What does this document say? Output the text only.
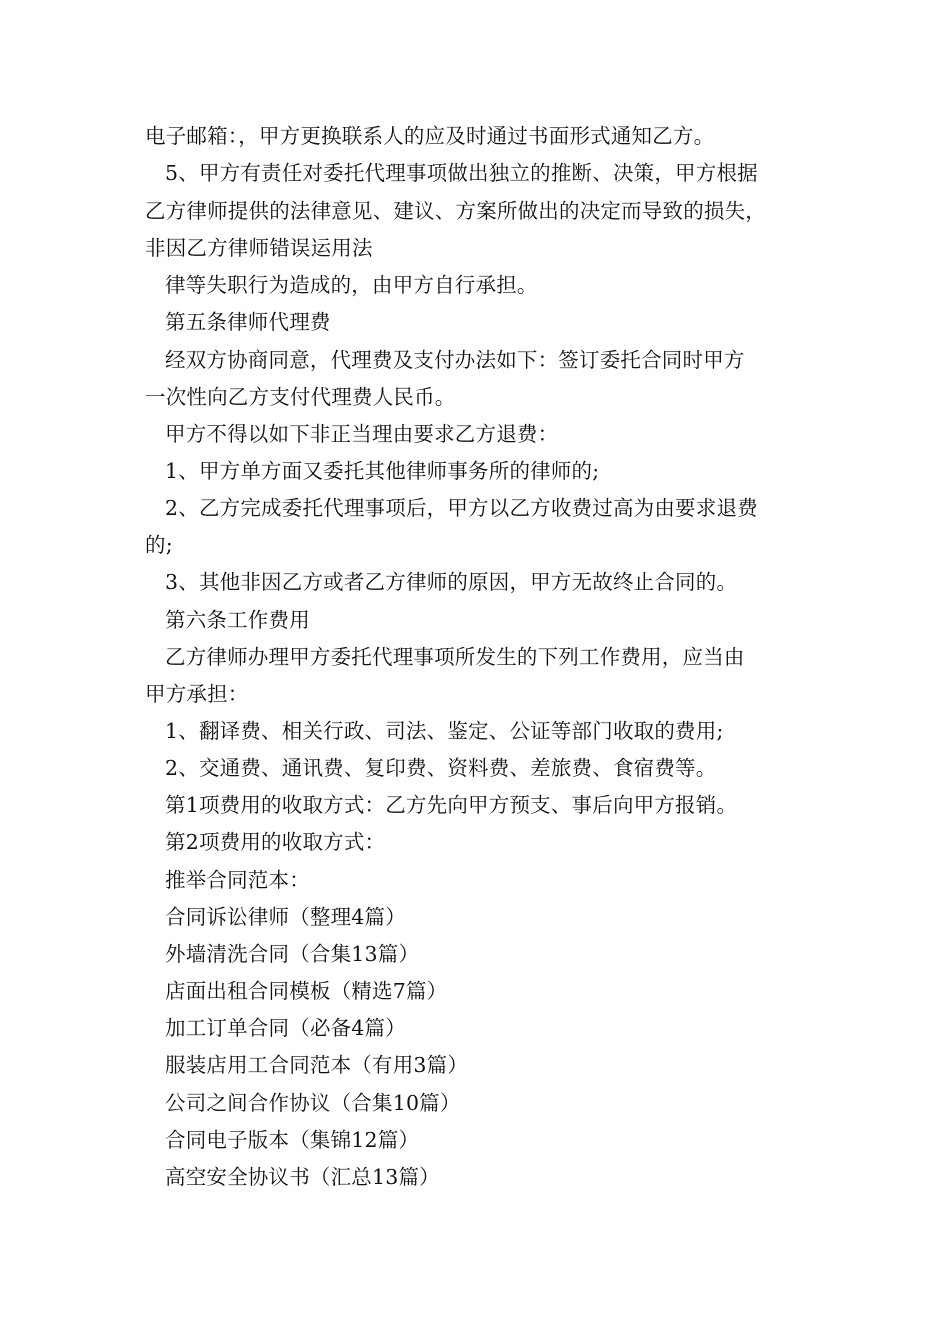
电子邮箱：，甲方更换联系人的应及时通过书面形式通知乙方。
5、甲方有责任对委托代理事项做出独立的推断、决策，甲方根据
乙方律师提供的法律意见、建议、方案所做出的决定而导致的损失，
非因乙方律师错误运用法
律等失职行为造成的，由甲方自行承担。
第五条律师代理费
经双方协商同意，代理费及支付办法如下：签订委托合同时甲方
一次性向乙方支付代理费人民币。
甲方不得以如下非正当理由要求乙方退费：
1、甲方单方面又委托其他律师事务所的律师的;
2、乙方完成委托代理事项后，甲方以乙方收费过高为由要求退费
的;
3、其他非因乙方或者乙方律师的原因，甲方无故终止合同的。
第六条工作费用
乙方律师办理甲方委托代理事项所发生的下列工作费用，应当由
甲方承担：
1、翻译费、相关行政、司法、鉴定、公证等部门收取的费用;
2、交通费、通讯费、复印费、资料费、差旅费、食宿费等。
第1项费用的收取方式：乙方先向甲方预支、事后向甲方报销。
第2项费用的收取方式：
推举合同范本：
合同诉讼律师（整理4篇）
外墙清洗合同（合集13篇）
店面出租合同模板（精选7篇）
加工订单合同（必备4篇）
服装店用工合同范本（有用3篇）
公司之间合作协议（合集10篇）
合同电子版本（集锦12篇）
高空安全协议书（汇总13篇）
